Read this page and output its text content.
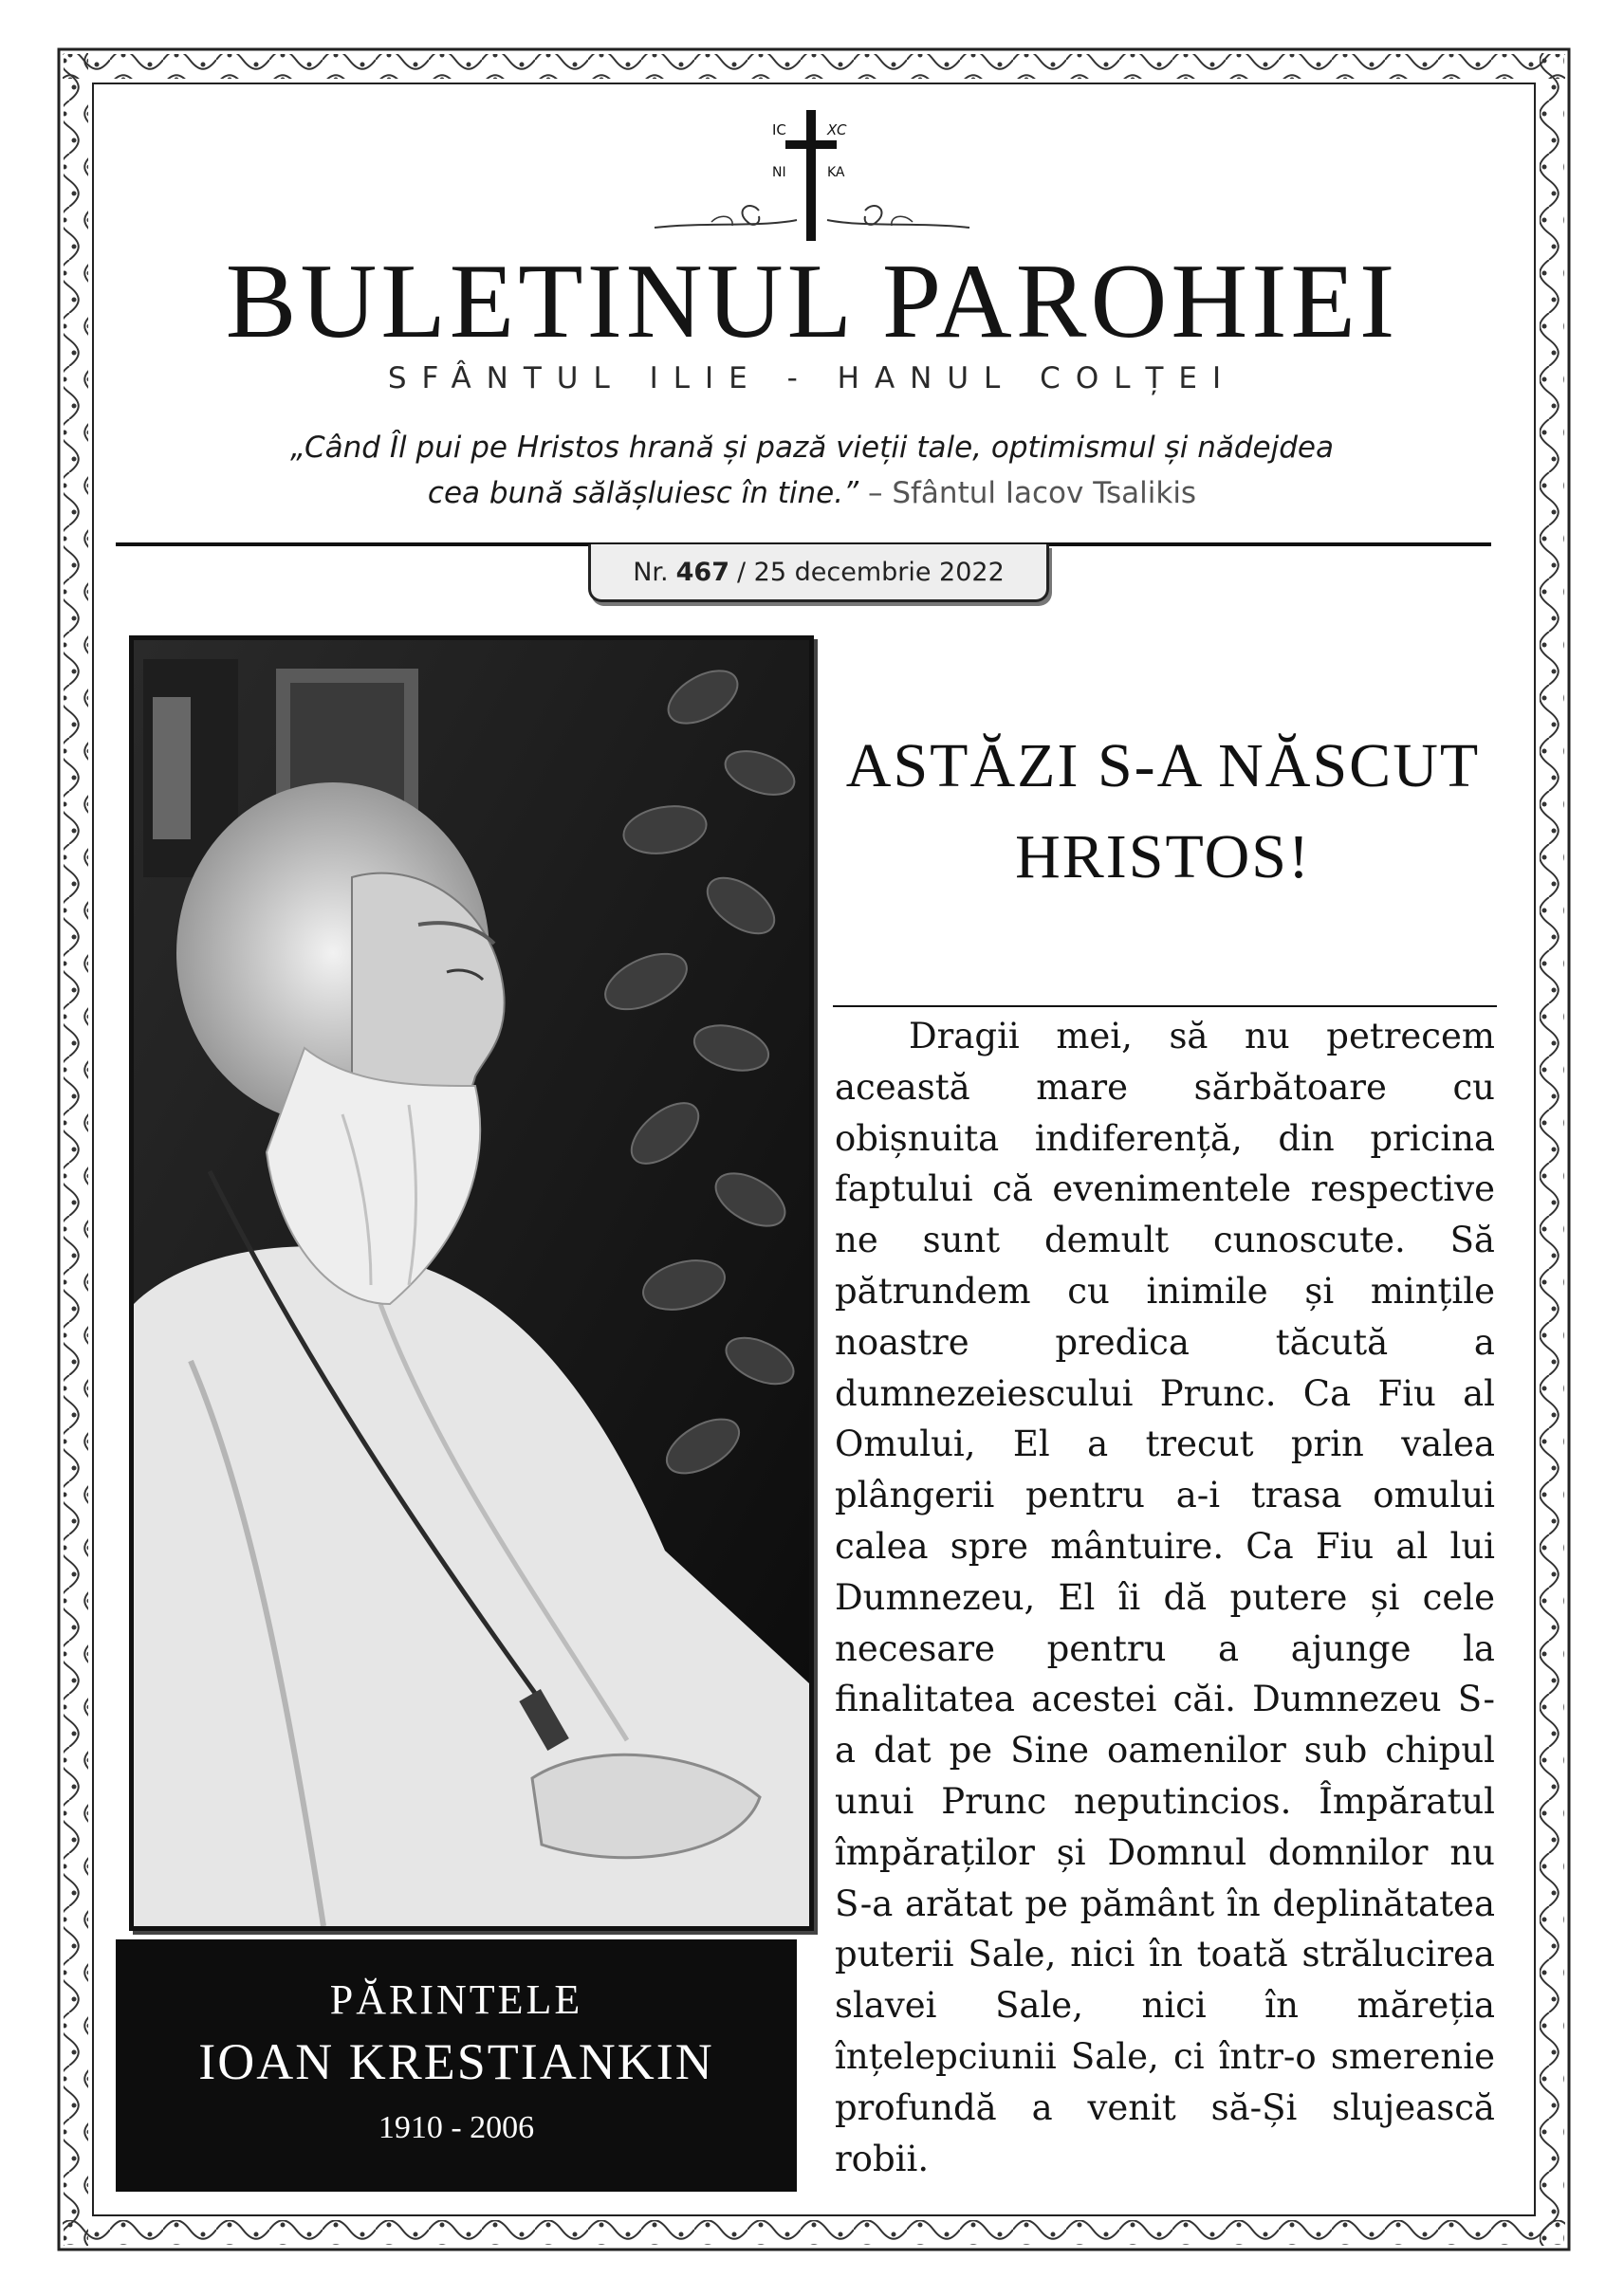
IC	XC
NI	KA
BULETINUL PAROHIEI
SFÂNTUL ILIE - HANUL COLȚEI
„Când Îl pui pe Hristos hrană și pază vieții tale, optimismul și nădejdea
cea bună sălășluiesc în tine.” – Sfântul Iacov Tsalikis
Nr. 467 / 25 decembrie 2022
PĂRINTELE
IOAN KRESTIANKIN
1910 - 2006
ASTĂZI S-A NĂSCUT
HRISTOS!

Dragii mei, să nu petrecem această mare sărbătoare cu obișnuita indiferență, din pricina faptului că evenimentele respective ne sunt demult cunoscute. Să pătrundem cu inimile și mințile noastre predica tăcută a dumnezeiescului Prunc. Ca Fiu al Omului, El a trecut prin valea plângerii pentru a-i trasa omului calea spre mântuire. Ca Fiu al lui Dumnezeu, El îi dă putere și cele necesare pentru a ajunge la finalitatea acestei căi. Dumnezeu S-a dat pe Sine oamenilor sub chipul unui Prunc neputincios. Împăratul împăraților și Domnul domnilor nu S-a arătat pe pământ în deplinătatea puterii Sale, nici în toată strălucirea slavei Sale, nici în măreția înțelepciunii Sale, ci într-o smerenie profundă a venit să-Și slujească robii.
